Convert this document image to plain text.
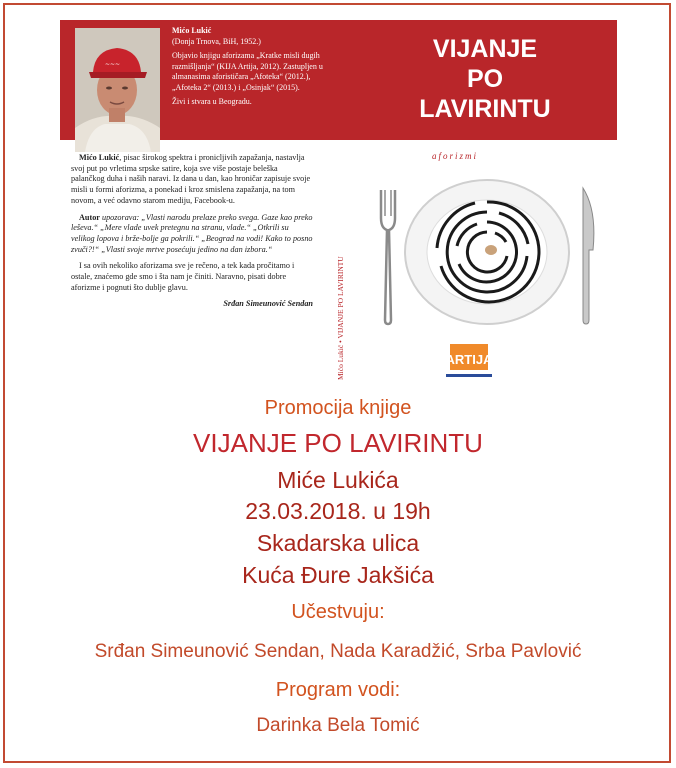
~~~

Mićo Lukić
(Donja Trnova, BiH, 1952.)

Objavio knjigu aforizama „Kratke misli dugih razmišljanja“ (KIJA Artija, 2012). Zastupljen u almanasima aforističara „Afoteka“ (2012.), „Afoteka 2“ (2013.) i „Osinjak“ (2015).

Živi i stvara u Beogradu.

VIJANJE
PO
LAVIRINTU

Mićo Lukić, pisac širokog spektra i pronicljivih zapažanja, nastavlja svoj put po vrletima srpske satire, koja sve više postaje beleška palančkog duha i naših naravi. Iz dana u dan, kao hroničar zapisuje svoje misli u formi aforizma, a ponekad i kroz smislena zapažanja, na tom novom, a već odavno starom mediju, Facebook-u.

Autor upozorava: „Vlasti narodu prelaze preko svega. Gaze kao preko leševa.“ „Mere vlade uvek pretegnu na stranu, vlade.“ „Otkrili su velikog lopova i brže-bolje ga pokrili.“ „Beograd na vodi! Kako to posno zvuči?!“ „Vlasti svoje mrtve posećuju jedino na dan izbora.“

I sa ovih nekoliko aforizama sve je rečeno, a tek kada pročitamo i ostale, znaćemo gde smo i šta nam je činiti. Naravno, pisati dobre aforizme i pognuti što dublje glavu.

Srđan Simeunović Sendan	Mićo Lukić • VIJANJE PO LAVIRINTU
aforizmi
ARTIJA
Promocija knjige
VIJANJE PO LAVIRINTU
Miće Lukića
23.03.2018. u 19h
Skadarska ulica
Kuća Đure Jakšića
Učestvuju:
Srđan Simeunović Sendan, Nada Karadžić, Srba Pavlović
Program vodi:
Darinka Bela Tomić
